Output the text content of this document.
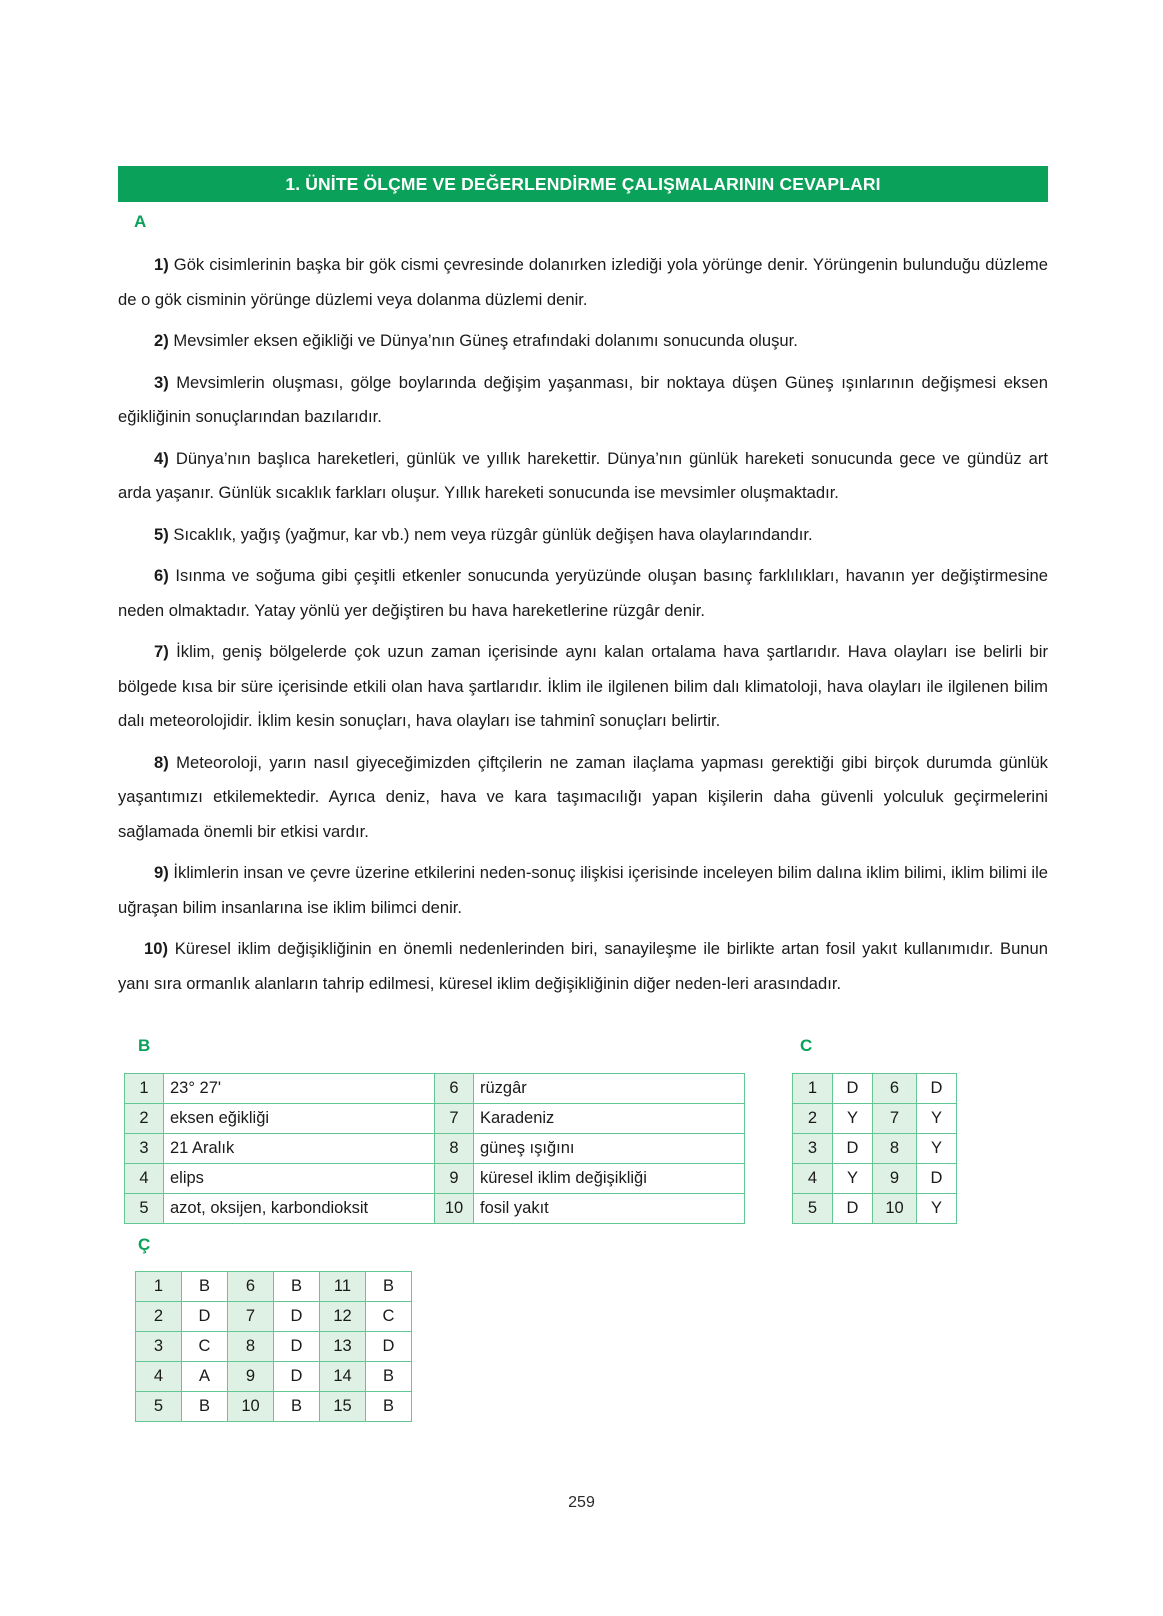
1. ÜNİTE ÖLÇME VE DEĞERLENDİRME ÇALIŞMALARININ CEVAPLARI
A

1) Gök cisimlerinin başka bir gök cismi çevresinde dolanırken izlediği yola yörünge denir. Yörüngenin bulunduğu düzleme de o gök cisminin yörünge düzlemi veya dolanma düzlemi denir.

2) Mevsimler eksen eğikliği ve Dünya’nın Güneş etrafındaki dolanımı sonucunda oluşur.

3) Mevsimlerin oluşması, gölge boylarında değişim yaşanması, bir noktaya düşen Güneş ışınlarının değişmesi eksen eğikliğinin sonuçlarından bazılarıdır.

4) Dünya’nın başlıca hareketleri, günlük ve yıllık harekettir. Dünya’nın günlük hareketi sonucunda gece ve gündüz art arda yaşanır. Günlük sıcaklık farkları oluşur. Yıllık hareketi sonucunda ise mevsimler oluşmaktadır.

5) Sıcaklık, yağış (yağmur, kar vb.) nem veya rüzgâr günlük değişen hava olaylarındandır.

6) Isınma ve soğuma gibi çeşitli etkenler sonucunda yeryüzünde oluşan basınç farklılıkları, havanın yer değiştirmesine neden olmaktadır. Yatay yönlü yer değiştiren bu hava hareketlerine rüzgâr denir.

7) İklim, geniş bölgelerde çok uzun zaman içerisinde aynı kalan ortalama hava şartlarıdır. Hava olayları ise belirli bir bölgede kısa bir süre içerisinde etkili olan hava şartlarıdır. İklim ile ilgilenen bilim dalı klimatoloji, hava olayları ile ilgilenen bilim dalı meteorolojidir. İklim kesin sonuçları, hava olayları ise tahminî sonuçları belirtir.

8) Meteoroloji, yarın nasıl giyeceğimizden çiftçilerin ne zaman ilaçlama yapması gerektiği gibi birçok durumda günlük yaşantımızı etkilemektedir. Ayrıca deniz, hava ve kara taşımacılığı yapan kişilerin daha güvenli yolculuk geçirmelerini sağlamada önemli bir etkisi vardır.

9) İklimlerin insan ve çevre üzerine etkilerini neden-sonuç ilişkisi içerisinde inceleyen bilim dalına iklim bilimi, iklim bilimi ile uğraşan bilim insanlarına ise iklim bilimci denir.

10) Küresel iklim değişikliğinin en önemli nedenlerinden biri, sanayileşme ile birlikte artan fosil yakıt kullanımıdır. Bunun yanı sıra ormanlık alanların tahrip edilmesi, küresel iklim değişikliğinin diğer neden-leri arasındadır.

B
1	23° 27'	6	rüzgâr
2	eksen eğikliği	7	Karadeniz
3	21 Aralık	8	güneş ışığını
4	elips	9	küresel iklim değişikliği
5	azot, oksijen, karbondioksit	10	fosil yakıt
C
1	D	6	D
2	Y	7	Y
3	D	8	Y
4	Y	9	D
5	D	10	Y
Ç
1	B	6	B	11	B
2	D	7	D	12	C
3	C	8	D	13	D
4	A	9	D	14	B
5	B	10	B	15	B
259
